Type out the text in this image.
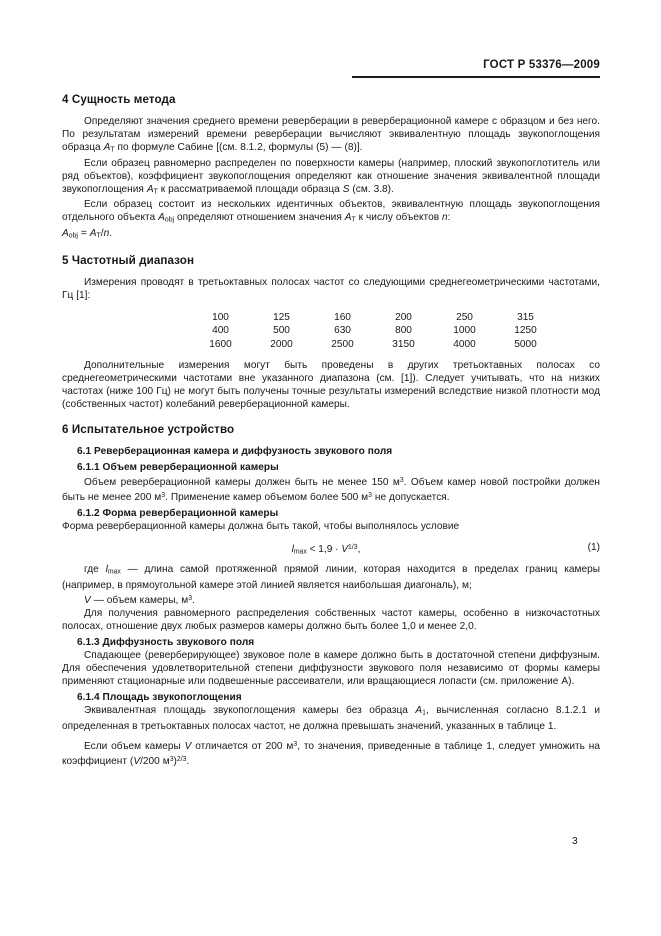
ГОСТ Р 53376—2009
4 Сущность метода

Определяют значения среднего времени реверберации в реверберационной камере с образцом и без него. По результатам измерений времени реверберации вычисляют эквивалентную площадь звукопоглощения образца $A_T$ по формуле Сабине [(см. 8.1.2, формулы (5) — (8)].

Если образец равномерно распределен по поверхности камеры (например, плоский звукопоглотитель или ряд объектов), коэффициент звукопоглощения определяют как отношение значения эквивалентной площади звукопоглощения $A_T$ к рассматриваемой площади образца S (см. 3.8).

Если образец состоит из нескольких идентичных объектов, эквивалентную площадь звукопоглощения отдельного объекта $A_{obj}$ определяют отношением значения $A_T$ к числу объектов n:

$A_{obj} = A_T/n$.

5 Частотный диапазон

Измерения проводят в третьоктавных полосах частот со следующими среднегеометрическими частотами, Гц [1]:

100	125	160	200	250	315
400	500	630	800	1000	1250
1600	2000	2500	3150	4000	5000

Дополнительные измерения могут быть проведены в других третьоктавных полосах со среднегеометрическими частотами вне указанного диапазона (см. [1]). Следует учитывать, что на низких частотах (ниже 100 Гц) не могут быть получены точные результаты измерений вследствие низкой плотности мод (собственных частот) колебаний реверберационной камеры.

6 Испытательное устройство
6.1 Реверберационная камера и диффузность звукового поля
6.1.1 Объем реверберационной камеры

Объем реверберационной камеры должен быть не менее 150 $м^3$. Объем камер новой постройки должен быть не менее 200 $м^3$. Применение камер объемом более 500 $м^3$ не допускается.

6.1.2 Форма реверберационной камеры

Форма реверберационной камеры должна быть такой, чтобы выполнялось условие

$l_{max} < 1,9 \cdot V^{1/3}$,	(1)

где $l_{max}$ — длина самой протяженной прямой линии, которая находится в пределах границ камеры (например, в прямоугольной камере этой линией является наибольшая диагональ), м;

V — объем камеры, $м^3$.

Для получения равномерного распределения собственных частот камеры, особенно в низкочастотных полосах, отношение двух любых размеров камеры должно быть более 1,0 и менее 2,0.

6.1.3 Диффузность звукового поля

Спадающее (реверберирующее) звуковое поле в камере должно быть в достаточной степени диффузным. Для обеспечения удовлетворительной степени диффузности звукового поля независимо от формы камеры применяют стационарные или подвешенные рассеиватели, или вращающиеся лопасти (см. приложение А).

6.1.4 Площадь звукопоглощения

Эквивалентная площадь звукопоглощения камеры без образца $A_1$, вычисленная согласно 8.1.2.1 и определенная в третьоктавных полосах частот, не должна превышать значений, указанных в таблице 1.

Если объем камеры V отличается от 200 $м^3$, то значения, приведенные в таблице 1, следует умножить на коэффициент (V/200 $м^3)^{2/3}$.

3
